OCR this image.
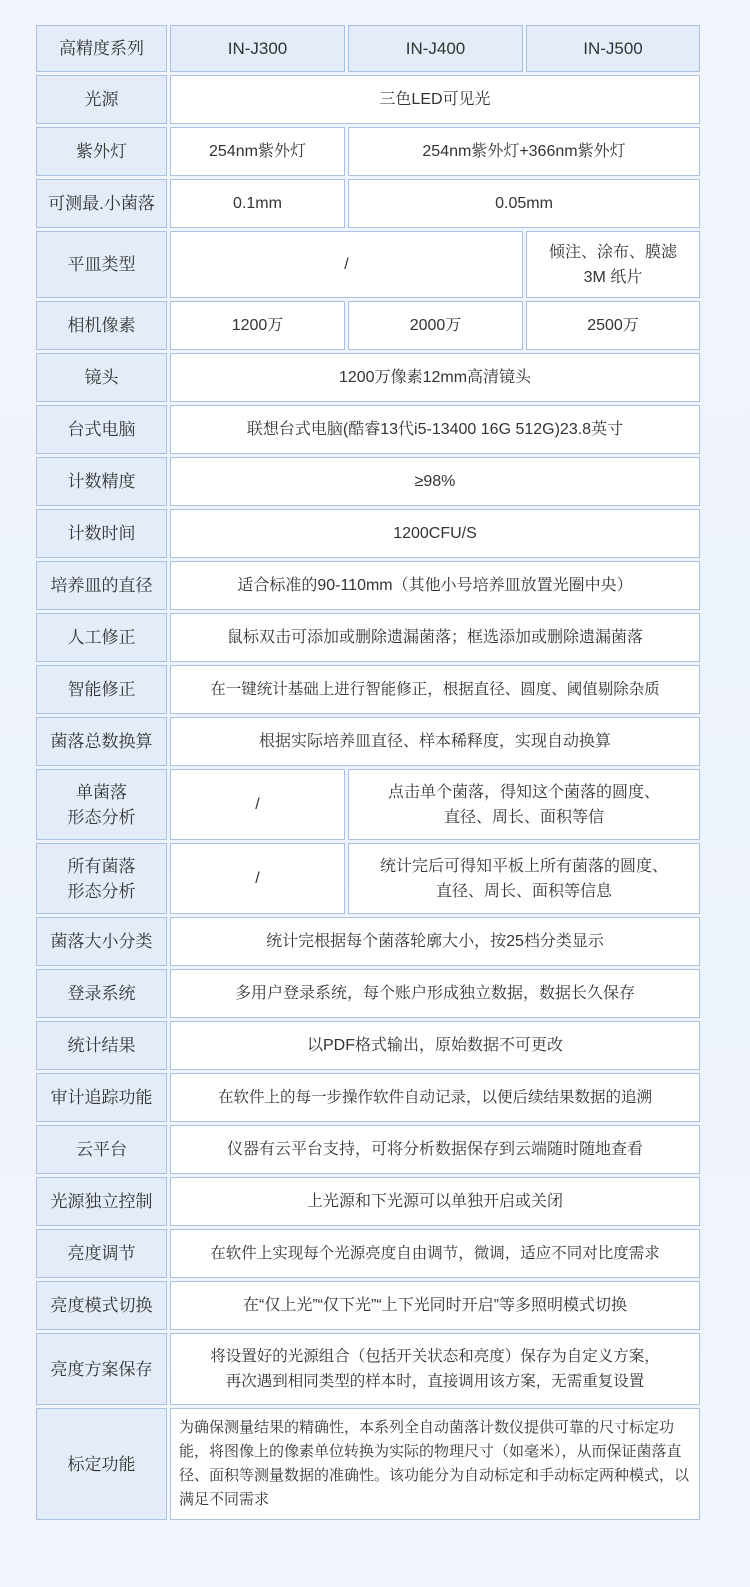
高精度系列	IN-J300	IN-J400	IN-J500
光源	三色LED可见光		
紫外灯	254nm紫外灯	254nm紫外灯+366nm紫外灯	
可测最.小菌落	0.1mm	0.05mm	
平皿类型	/		倾注、涂布、膜滤
3M 纸片
相机像素	1200万	2000万	2500万
镜头	1200万像素12mm高清镜头		
台式电脑	联想台式电脑(酷睿13代i5-13400 16G 512G)23.8英寸		
计数精度	≥98%		
计数时间	1200CFU/S		
培养皿的直径	适合标准的90-110mm（其他小号培养皿放置光圈中央）		
人工修正	鼠标双击可添加或删除遗漏菌落；框选添加或删除遗漏菌落		
智能修正	在一键统计基础上进行智能修正，根据直径、圆度、阈值剔除杂质		
菌落总数换算	根据实际培养皿直径、样本稀释度，实现自动换算		
单菌落
形态分析	/	点击单个菌落，得知这个菌落的圆度、
直径、周长、面积等信	
所有菌落
形态分析	/	统计完后可得知平板上所有菌落的圆度、
直径、周长、面积等信息	
菌落大小分类	统计完根据每个菌落轮廓大小，按25档分类显示		
登录系统	多用户登录系统，每个账户形成独立数据，数据长久保存		
统计结果	以PDF格式输出，原始数据不可更改		
审计追踪功能	在软件上的每一步操作软件自动记录，以便后续结果数据的追溯		
云平台	仪器有云平台支持，可将分析数据保存到云端随时随地查看		
光源独立控制	上光源和下光源可以单独开启或关闭		
亮度调节	在软件上实现每个光源亮度自由调节，微调，适应不同对比度需求		
亮度模式切换	在“仅上光”“仅下光”“上下光同时开启”等多照明模式切换		
亮度方案保存	将设置好的光源组合（包括开关状态和亮度）保存为自定义方案，
再次遇到相同类型的样本时，直接调用该方案，无需重复设置		
标定功能	为确保测量结果的精确性，本系列全自动菌落计数仪提供可靠的尺寸标定功能，将图像上的像素单位转换为实际的物理尺寸（如毫米），从而保证菌落直径、面积等测量数据的准确性。该功能分为自动标定和手动标定两种模式，以满足不同需求		
